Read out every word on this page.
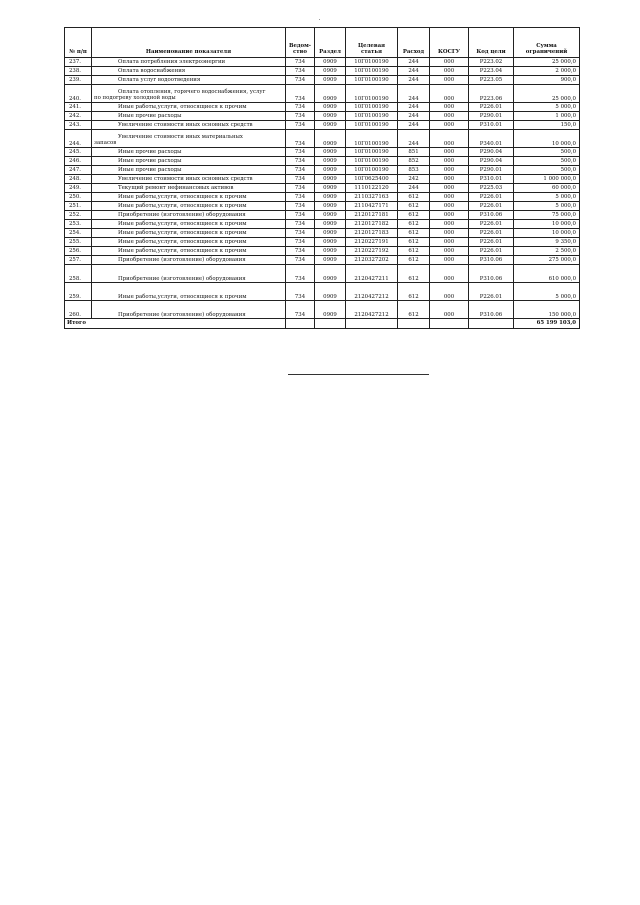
№ п/п	Наименование показателя	Ведом-ство	Раздел	Целевая статья	Расход	КОСГУ	Код цели	Сумма ограничений
237.	Оплата потребления электроэнергии	734	0909	10Г0100190	244	000	Р223.02	25 000,0
238.	Оплата водоснабжения	734	0909	10Г0100190	244	000	Р223.04	2 000,0
239.	Оплата услуг водоотведения	734	0909	10Г0100190	244	000	Р223.05	900,0
240.	Оплата отопления, горячего водоснабжения, услуг
по подогреву холодной воды	734	0909	10Г0100190	244	000	Р223.06	25 000,0
241.	Иные работы,услуги, относящиеся к прочим	734	0909	10Г0100190	244	000	Р226.01	5 000,0
242.	Иные прочие расходы	734	0909	10Г0100190	244	000	Р290.01	1 000,0
243.	Увеличение стоимости иных основных средств	734	0909	10Г0100190	244	000	Р310.01	150,0
244.	Увеличение стоимости иных материальных
запасов	734	0909	10Г0100190	244	000	Р340.01	10 000,0
245.	Иные прочие расходы	734	0909	10Г0100190	851	000	Р290.04	500,0
246.	Иные прочие расходы	734	0909	10Г0100190	852	000	Р290.04	500,0
247.	Иные прочие расходы	734	0909	10Г0100190	853	000	Р290.01	500,0
248.	Увеличение стоимости иных основных средств	734	0909	10Г0625400	242	000	Р310.01	1 000 000,0
249.	Текущий ремонт нефинансовых активов	734	0909	1110122120	244	000	Р225.03	60 000,0
250.	Иные работы,услуги, относящиеся к прочим	734	0909	2110327163	612	000	Р226.01	5 000,0
251.	Иные работы,услуги, относящиеся к прочим	734	0909	2110427171	612	000	Р226.01	5 000,0
252.	Приобретение (изготовление) оборудования	734	0909	2120127181	612	000	Р310.06	75 000,0
253.	Иные работы,услуги, относящиеся к прочим	734	0909	2120127182	612	000	Р226.01	10 000,0
254.	Иные работы,услуги, относящиеся к прочим	734	0909	2120127183	612	000	Р226.01	10 000,0
255.	Иные работы,услуги, относящиеся к прочим	734	0909	2120227191	612	000	Р226.01	9 350,0
256.	Иные работы,услуги, относящиеся к прочим	734	0909	2120227192	612	000	Р226.01	2 500,0
257.	Приобретение (изготовление) оборудования	734	0909	2120327202	612	000	Р310.06	275 000,0
258.	Приобретение (изготовление) оборудования	734	0909	2120427211	612	000	Р310.06	610 000,0
259.	Иные работы,услуги, относящиеся к прочим	734	0909	2120427212	612	000	Р226.01	5 000,0
260.	Приобретение (изготовление) оборудования	734	0909	2120427212	612	000	Р310.06	150 000,0
Итого								65 199 103,0
